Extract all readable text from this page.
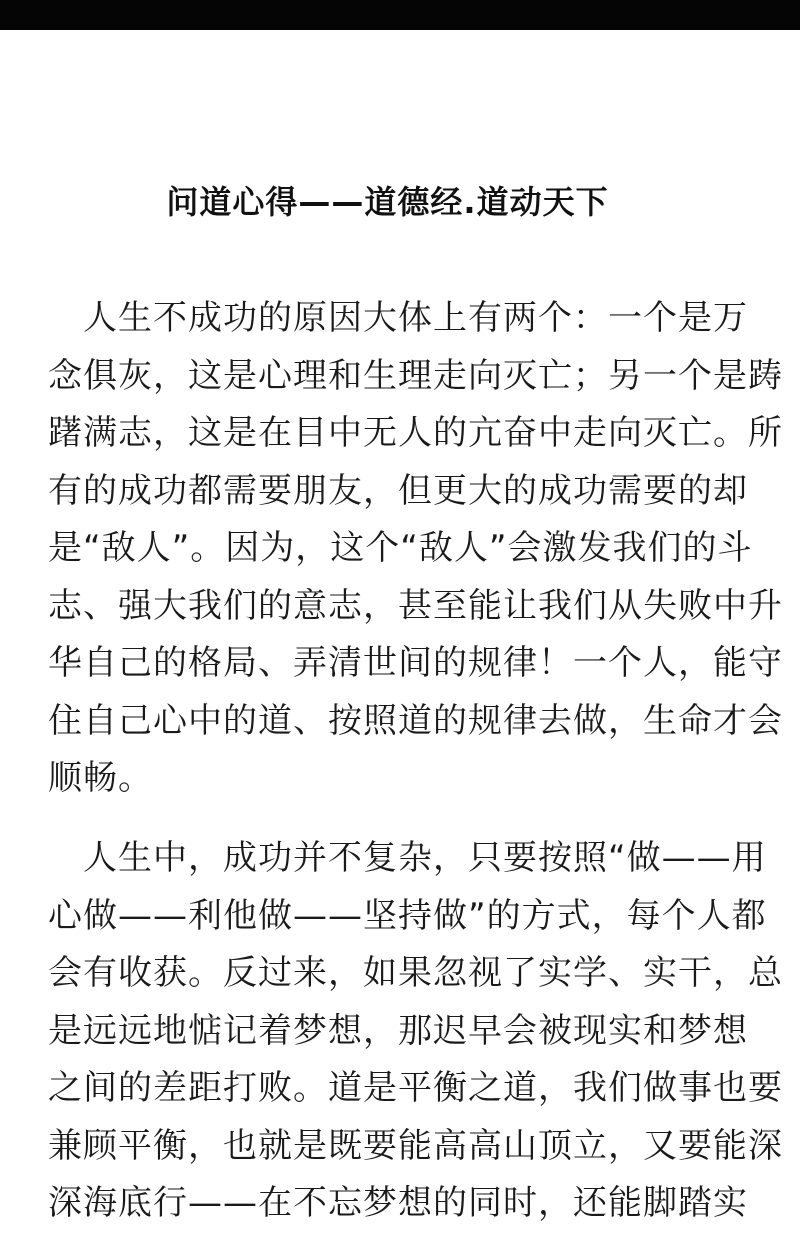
问道心得——道德经.道动天下
　人生不成功的原因大体上有两个：一个是万
念俱灰，这是心理和生理走向灭亡；另一个是踌
躇满志，这是在目中无人的亢奋中走向灭亡。所
有的成功都需要朋友，但更大的成功需要的却
是“敌人”。因为，这个“敌人”会激发我们的斗
志、强大我们的意志，甚至能让我们从失败中升
华自己的格局、弄清世间的规律！一个人，能守
住自己心中的道、按照道的规律去做，生命才会
顺畅。
　人生中，成功并不复杂，只要按照“做——用
心做——利他做——坚持做”的方式，每个人都
会有收获。反过来，如果忽视了实学、实干，总
是远远地惦记着梦想，那迟早会被现实和梦想
之间的差距打败。道是平衡之道，我们做事也要
兼顾平衡，也就是既要能高高山顶立，又要能深
深海底行——在不忘梦想的同时，还能脚踏实
